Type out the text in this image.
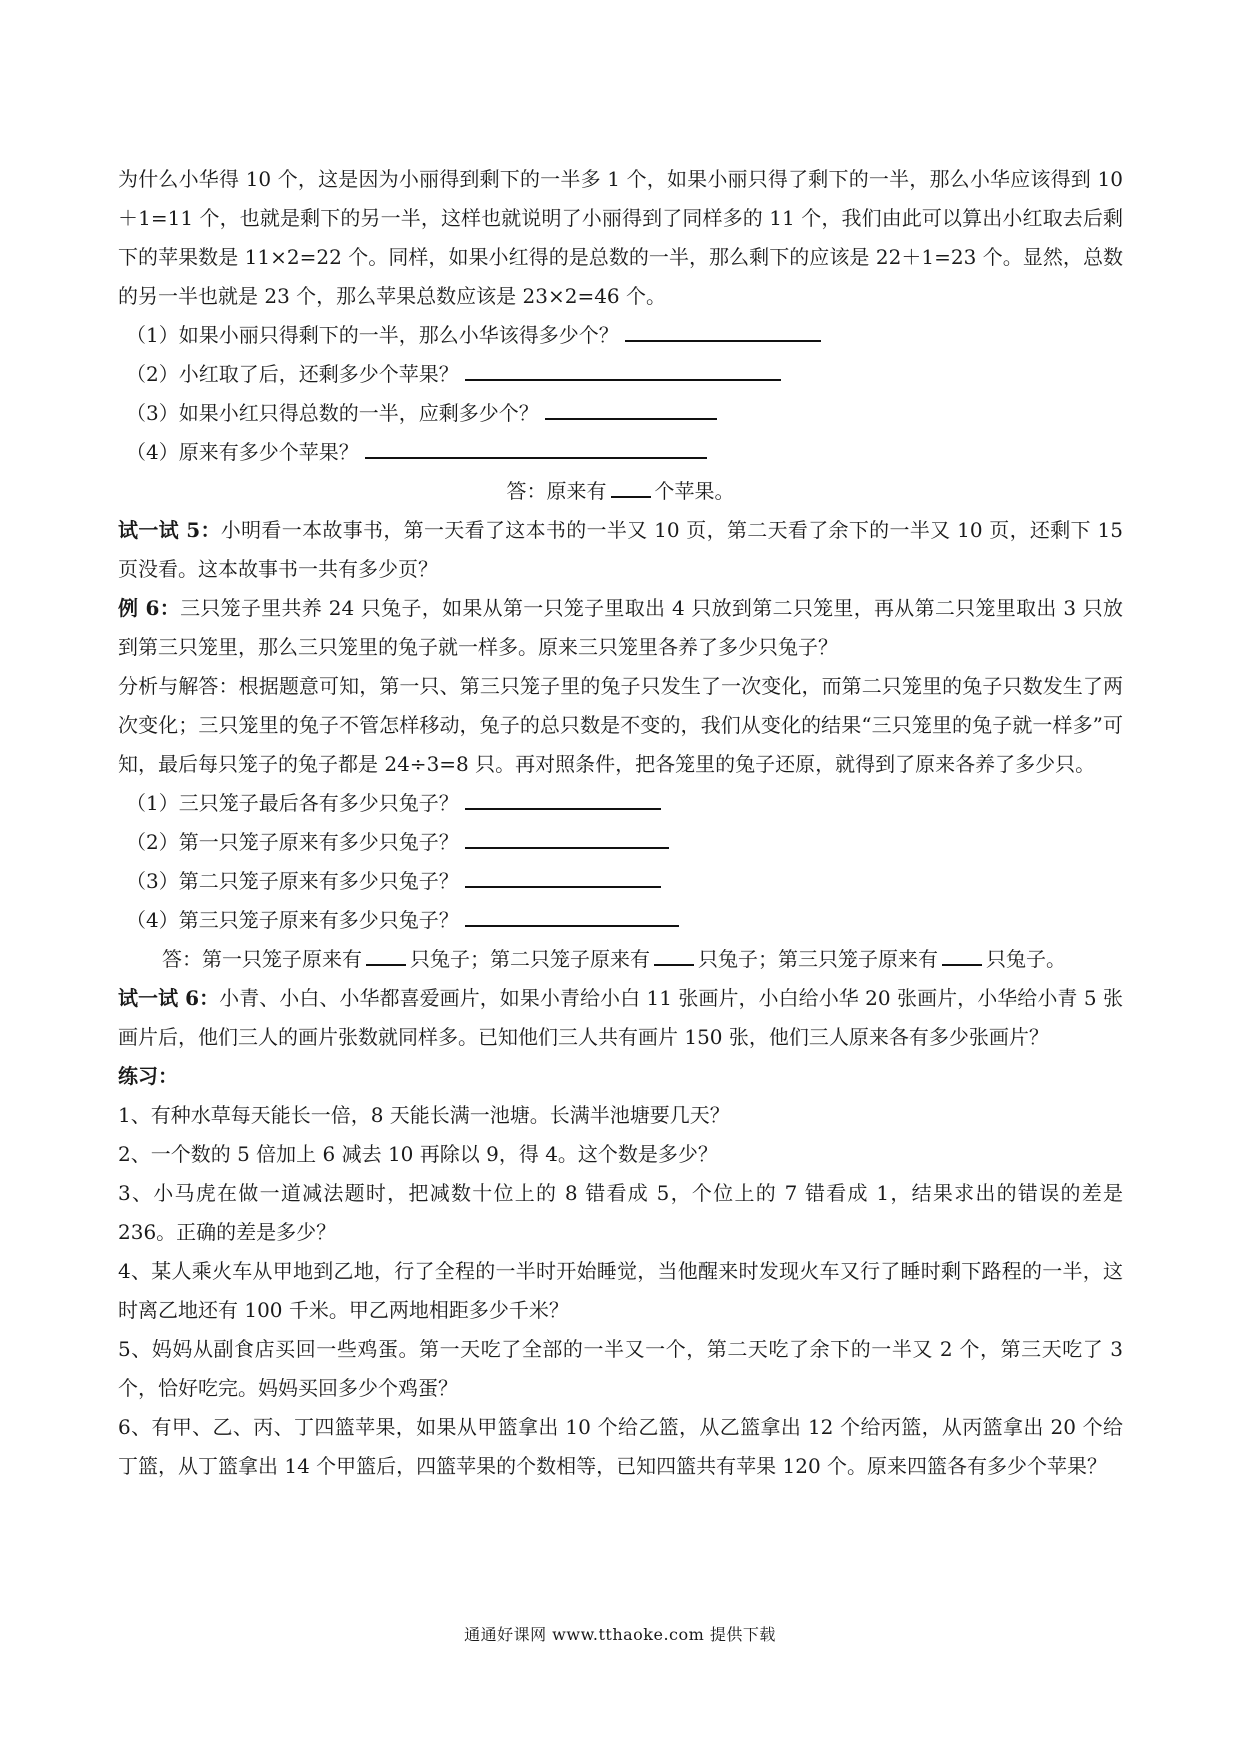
为什么小华得 10 个，这是因为小丽得到剩下的一半多 1 个，如果小丽只得了剩下的一半，那么小华应该得到 10＋1=11 个，也就是剩下的另一半，这样也就说明了小丽得到了同样多的 11 个，我们由此可以算出小红取去后剩下的苹果数是 11×2=22 个。同样，如果小红得的是总数的一半，那么剩下的应该是 22＋1=23 个。显然，总数的另一半也就是 23 个，那么苹果总数应该是 23×2=46 个。

（1）如果小丽只得剩下的一半，那么小华该得多少个？

（2）小红取了后，还剩多少个苹果？

（3）如果小红只得总数的一半，应剩多少个？

（4）原来有多少个苹果？

答：原来有 个苹果。

试一试 5：小明看一本故事书，第一天看了这本书的一半又 10 页，第二天看了余下的一半又 10 页，还剩下 15 页没看。这本故事书一共有多少页？

例 6：三只笼子里共养 24 只兔子，如果从第一只笼子里取出 4 只放到第二只笼里，再从第二只笼里取出 3 只放到第三只笼里，那么三只笼里的兔子就一样多。原来三只笼里各养了多少只兔子？

分析与解答：根据题意可知，第一只、第三只笼子里的兔子只发生了一次变化，而第二只笼里的兔子只数发生了两次变化；三只笼里的兔子不管怎样移动，兔子的总只数是不变的，我们从变化的结果“三只笼里的兔子就一样多”可知，最后每只笼子的兔子都是 24÷3=8 只。再对照条件，把各笼里的兔子还原，就得到了原来各养了多少只。

（1）三只笼子最后各有多少只兔子？

（2）第一只笼子原来有多少只兔子？

（3）第二只笼子原来有多少只兔子？

（4）第三只笼子原来有多少只兔子？

答：第一只笼子原来有 只兔子；第二只笼子原来有 只兔子；第三只笼子原来有 只兔子。

试一试 6：小青、小白、小华都喜爱画片，如果小青给小白 11 张画片，小白给小华 20 张画片，小华给小青 5 张画片后，他们三人的画片张数就同样多。已知他们三人共有画片 150 张，他们三人原来各有多少张画片？

练习：

1、有种水草每天能长一倍，8 天能长满一池塘。长满半池塘要几天？

2、一个数的 5 倍加上 6 减去 10 再除以 9，得 4。这个数是多少？

3、小马虎在做一道减法题时，把减数十位上的 8 错看成 5，个位上的 7 错看成 1，结果求出的错误的差是 236。正确的差是多少？

4、某人乘火车从甲地到乙地，行了全程的一半时开始睡觉，当他醒来时发现火车又行了睡时剩下路程的一半，这时离乙地还有 100 千米。甲乙两地相距多少千米？

5、妈妈从副食店买回一些鸡蛋。第一天吃了全部的一半又一个，第二天吃了余下的一半又 2 个，第三天吃了 3 个，恰好吃完。妈妈买回多少个鸡蛋？

6、有甲、乙、丙、丁四篮苹果，如果从甲篮拿出 10 个给乙篮，从乙篮拿出 12 个给丙篮，从丙篮拿出 20 个给丁篮，从丁篮拿出 14 个甲篮后，四篮苹果的个数相等，已知四篮共有苹果 120 个。原来四篮各有多少个苹果？

通通好课网 www.tthaoke.com 提供下载
